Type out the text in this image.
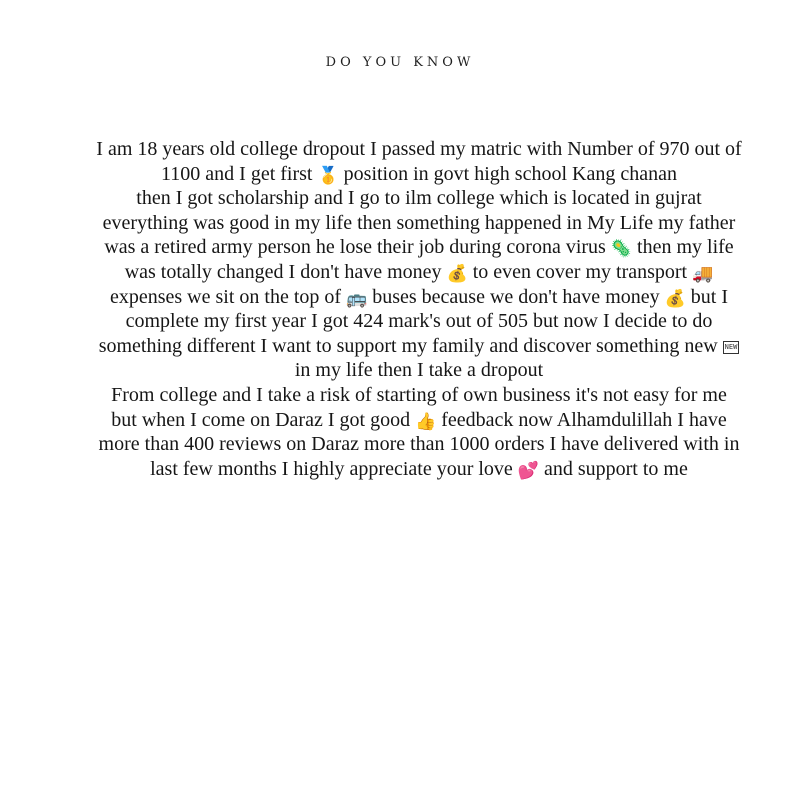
DO YOU KNOW
I am 18 years old college dropout I passed my matric with Number of 970 out of 1100 and I get first 🥇 position in govt high school Kang chanan
then I got scholarship and I go to ilm college which is located in gujrat everything was good in my life then something happened in My Life my father was a retired army person he lose their job during corona virus 🦠 then my life was totally changed I don't have money 💰 to even cover my transport 🚚 expenses we sit on the top of 🚌 buses because we don't have money 💰 but I complete my first year I got 424 mark's out of 505 but now I decide to do something different I want to support my family and discover something new NEW in my life then I take a dropout
From college and I take a risk of starting of own business it's not easy for me but when I come on Daraz I got good 👍 feedback now Alhamdulillah I have more than 400 reviews on Daraz more than 1000 orders I have delivered with in last few months I highly appreciate your love 💕 and support to me
